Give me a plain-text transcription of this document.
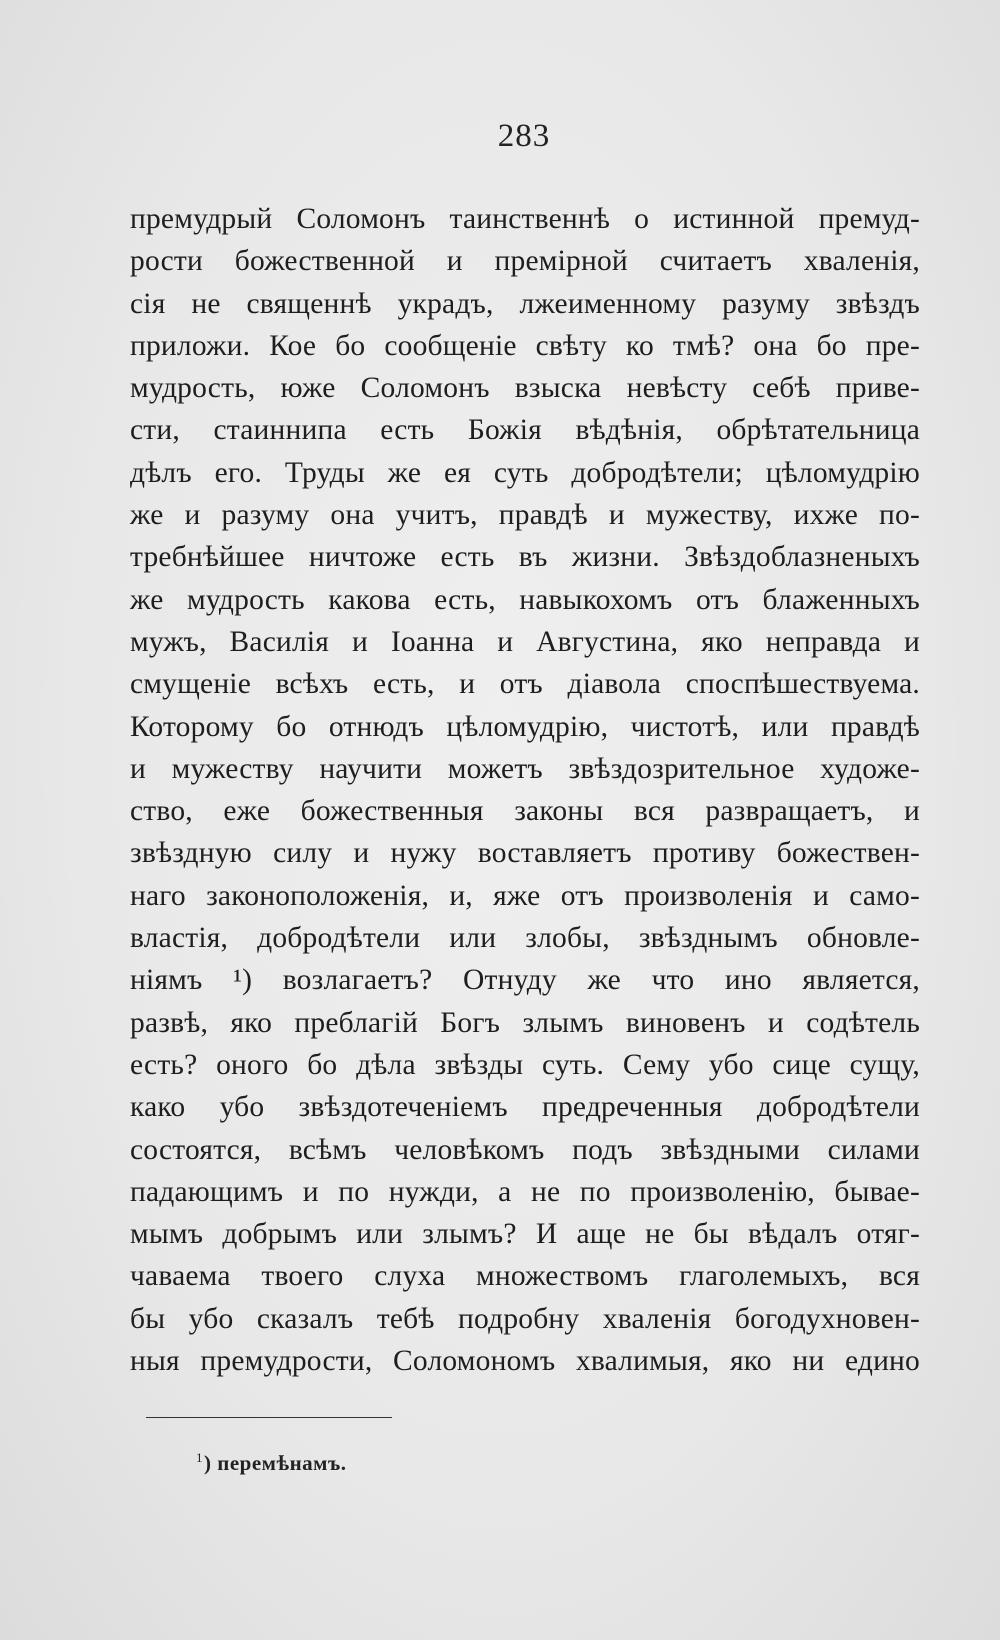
283
премудрый Соломонъ таинственнѣ о истинной премуд-
рости божественной и премiрной считаетъ хваленiя,
сiя не священнѣ украдъ, лжеименному разуму звѣздъ
приложи. Кое бо сообщенiе свѣту ко тмѣ? она бо пре-
мудрость, юже Соломонъ взыска невѣсту себѣ приве-
сти, стаиннипа есть Божiя вѣдѣнiя, обрѣтательница
дѣлъ его. Труды же ея суть добродѣтели; цѣломудрiю
же и разуму она учитъ, правдѣ и мужеству, ихже по-
требнѣйшее ничтоже есть въ жизни. Звѣздоблазненыхъ
же мудрость какова есть, навыкохомъ отъ блаженныхъ
мужъ, Василiя и Iоанна и Августина, яко неправда и
смущенiе всѣхъ есть, и отъ дiавола споспѣшествуема.
Которому бо отнюдъ цѣломудрiю, чистотѣ, или правдѣ
и мужеству научити можетъ звѣздозрительное художе-
ство, еже божественныя законы вся развращаетъ, и
звѣздную силу и нужу воставляетъ противу божествен-
наго законоположенiя, и, яже отъ произволенiя и само-
властiя, добродѣтели или злобы, звѣзднымъ обновле-
нiямъ ¹) возлагаетъ? Отнуду же что ино является,
развѣ, яко преблагiй Богъ злымъ виновенъ и содѣтель
есть? оного бо дѣла звѣзды суть. Сему убо сице сущу,
како убо звѣздотеченiемъ предреченныя добродѣтели
состоятся, всѣмъ человѣкомъ подъ звѣздными силами
падающимъ и по нужди, а не по произволенiю, бывае-
мымъ добрымъ или злымъ? И аще не бы вѣдалъ отяг-
чаваема твоего слуха множествомъ глаголемыхъ, вся
бы убо сказалъ тебѣ подробну хваленiя богодухновен-
ныя премудрости, Соломономъ хвалимыя, яко ни едино
$^1$) перемѣнамъ.
